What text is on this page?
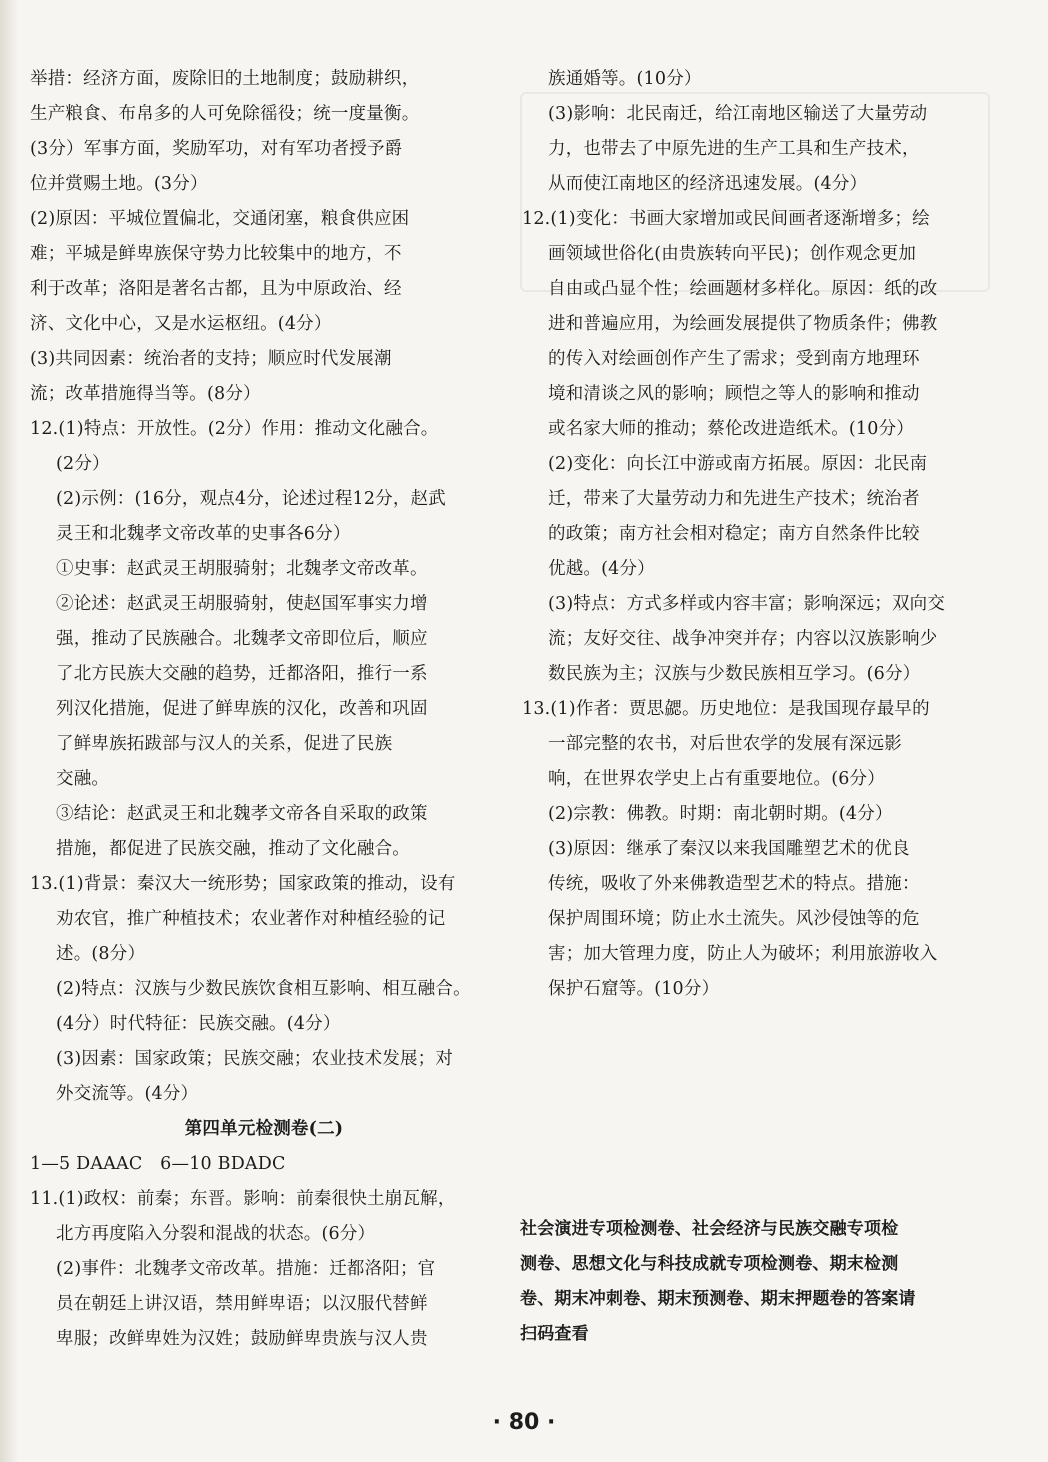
举措：经济方面，废除旧的土地制度；鼓励耕织，
生产粮食、布帛多的人可免除徭役；统一度量衡。
(3分）军事方面，奖励军功，对有军功者授予爵
位并赏赐土地。(3分）
(2)原因：平城位置偏北，交通闭塞，粮食供应困
难；平城是鲜卑族保守势力比较集中的地方，不
利于改革；洛阳是著名古都，且为中原政治、经
济、文化中心，又是水运枢纽。(4分）
(3)共同因素：统治者的支持；顺应时代发展潮
流；改革措施得当等。(8分）
12.(1)特点：开放性。(2分）作用：推动文化融合。
(2分）
(2)示例：(16分，观点4分，论述过程12分，赵武
灵王和北魏孝文帝改革的史事各6分）
①史事：赵武灵王胡服骑射；北魏孝文帝改革。
②论述：赵武灵王胡服骑射，使赵国军事实力增
强，推动了民族融合。北魏孝文帝即位后，顺应
了北方民族大交融的趋势，迁都洛阳，推行一系
列汉化措施，促进了鲜卑族的汉化，改善和巩固
了鲜卑族拓跋部与汉人的关系，促进了民族
交融。
③结论：赵武灵王和北魏孝文帝各自采取的政策
措施，都促进了民族交融，推动了文化融合。
13.(1)背景：秦汉大一统形势；国家政策的推动，设有
劝农官，推广种植技术；农业著作对种植经验的记
述。(8分）
(2)特点：汉族与少数民族饮食相互影响、相互融合。
(4分）时代特征：民族交融。(4分）
(3)因素：国家政策；民族交融；农业技术发展；对
外交流等。(4分）
第四单元检测卷(二)
1—5 DAAAC　6—10 BDADC
11.(1)政权：前秦；东晋。影响：前秦很快土崩瓦解，
北方再度陷入分裂和混战的状态。(6分）
(2)事件：北魏孝文帝改革。措施：迁都洛阳；官
员在朝廷上讲汉语，禁用鲜卑语；以汉服代替鲜
卑服；改鲜卑姓为汉姓；鼓励鲜卑贵族与汉人贵
族通婚等。(10分）
(3)影响：北民南迁，给江南地区输送了大量劳动
力，也带去了中原先进的生产工具和生产技术，
从而使江南地区的经济迅速发展。(4分）
12.(1)变化：书画大家增加或民间画者逐渐增多；绘
画领域世俗化(由贵族转向平民)；创作观念更加
自由或凸显个性；绘画题材多样化。原因：纸的改
进和普遍应用，为绘画发展提供了物质条件；佛教
的传入对绘画创作产生了需求；受到南方地理环
境和清谈之风的影响；顾恺之等人的影响和推动
或名家大师的推动；蔡伦改进造纸术。(10分）
(2)变化：向长江中游或南方拓展。原因：北民南
迁，带来了大量劳动力和先进生产技术；统治者
的政策；南方社会相对稳定；南方自然条件比较
优越。(4分）
(3)特点：方式多样或内容丰富；影响深远；双向交
流；友好交往、战争冲突并存；内容以汉族影响少
数民族为主；汉族与少数民族相互学习。(6分）
13.(1)作者：贾思勰。历史地位：是我国现存最早的
一部完整的农书，对后世农学的发展有深远影
响，在世界农学史上占有重要地位。(6分）
(2)宗教：佛教。时期：南北朝时期。(4分）
(3)原因：继承了秦汉以来我国雕塑艺术的优良
传统，吸收了外来佛教造型艺术的特点。措施：
保护周围环境；防止水土流失。风沙侵蚀等的危
害；加大管理力度，防止人为破坏；利用旅游收入
保护石窟等。(10分）
社会演进专项检测卷、社会经济与民族交融专项检
测卷、思想文化与科技成就专项检测卷、期末检测
卷、期末冲刺卷、期末预测卷、期末押题卷的答案请
扫码查看
· 80 ·
